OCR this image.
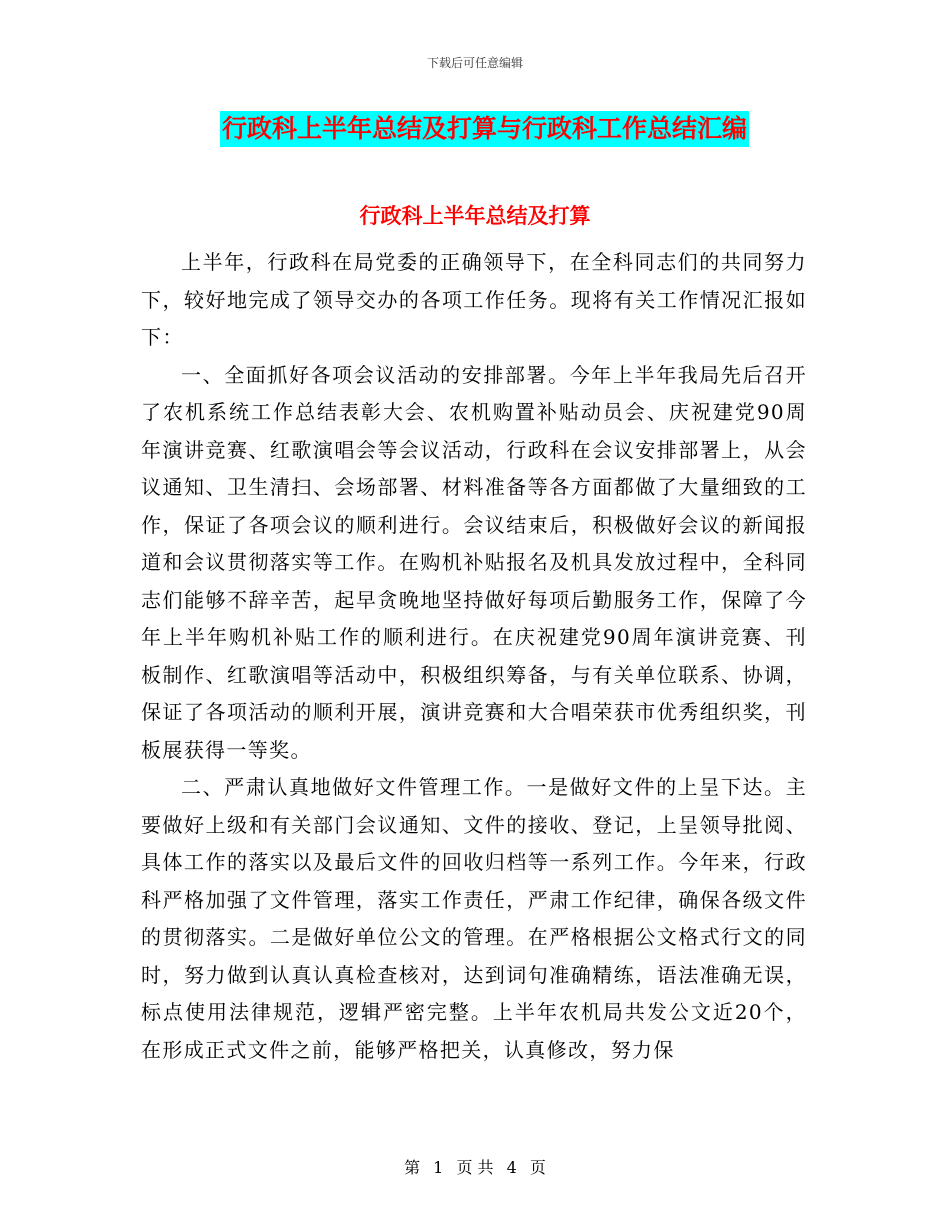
下载后可任意编辑
行政科上半年总结及打算与行政科工作总结汇编
行政科上半年总结及打算

上半年，行政科在局党委的正确领导下，在全科同志们的共同努力下，较好地完成了领导交办的各项工作任务。现将有关工作情况汇报如下：

一、全面抓好各项会议活动的安排部署。今年上半年我局先后召开了农机系统工作总结表彰大会、农机购置补贴动员会、庆祝建党90周年演讲竞赛、红歌演唱会等会议活动，行政科在会议安排部署上，从会议通知、卫生清扫、会场部署、材料准备等各方面都做了大量细致的工作，保证了各项会议的顺利进行。会议结束后，积极做好会议的新闻报道和会议贯彻落实等工作。在购机补贴报名及机具发放过程中，全科同志们能够不辞辛苦，起早贪晚地坚持做好每项后勤服务工作，保障了今年上半年购机补贴工作的顺利进行。在庆祝建党90周年演讲竞赛、刊板制作、红歌演唱等活动中，积极组织筹备，与有关单位联系、协调，保证了各项活动的顺利开展，演讲竞赛和大合唱荣获市优秀组织奖，刊板展获得一等奖。

二、严肃认真地做好文件管理工作。一是做好文件的上呈下达。主要做好上级和有关部门会议通知、文件的接收、登记，上呈领导批阅、具体工作的落实以及最后文件的回收归档等一系列工作。今年来，行政科严格加强了文件管理，落实工作责任，严肃工作纪律，确保各级文件的贯彻落实。二是做好单位公文的管理。在严格根据公文格式行文的同时，努力做到认真认真检查核对，达到词句准确精练，语法准确无误，标点使用法律规范，逻辑严密完整。上半年农机局共发公文近20个，在形成正式文件之前，能够严格把关，认真修改，努力保

第 1 页 共 4 页
